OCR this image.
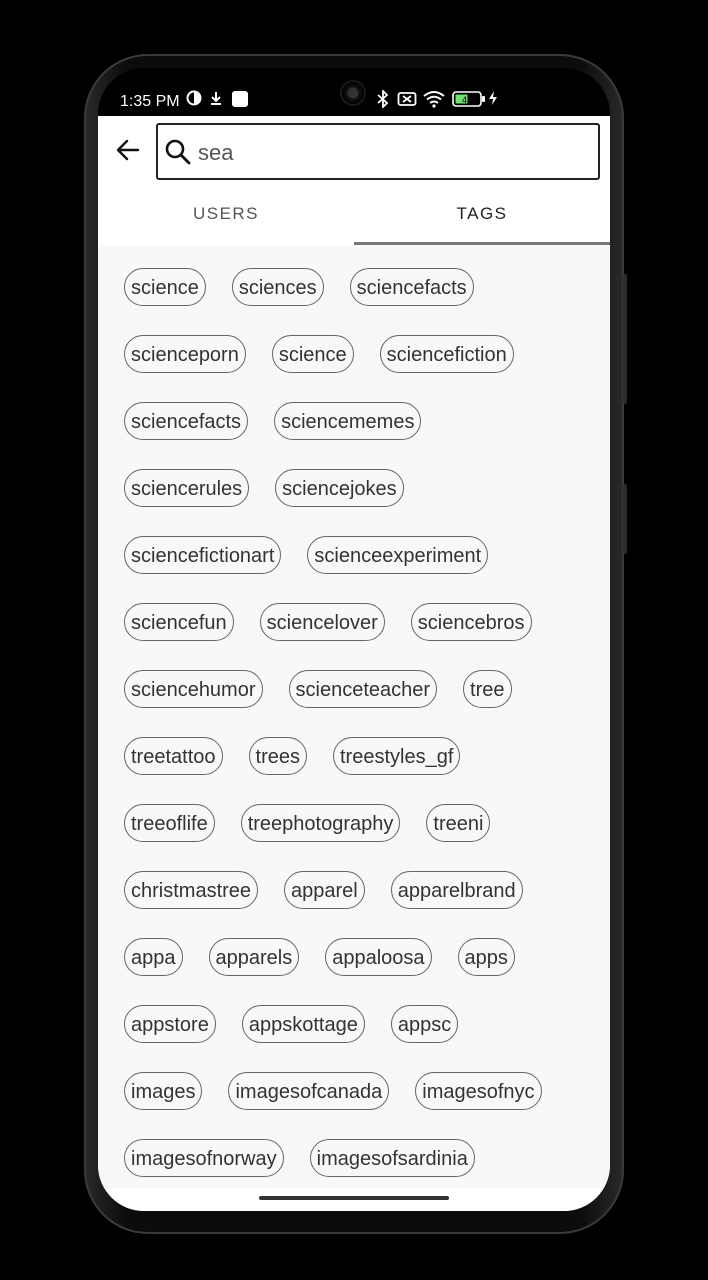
1:35 PM	49
sea
USERS	TAGS
science	sciences	sciencefacts
scienceporn	science	sciencefiction
sciencefacts	sciencememes
sciencerules	sciencejokes
sciencefictionart	scienceexperiment
sciencefun	sciencelover	sciencebros
sciencehumor	scienceteacher	tree
treetattoo	trees	treestyles_gf
treeoflife	treephotography	treeni
christmastree	apparel	apparelbrand
appa	apparels	appaloosa	apps
appstore	appskottage	appsc
images	imagesofcanada	imagesofnyc
imagesofnorway	imagesofsardinia
